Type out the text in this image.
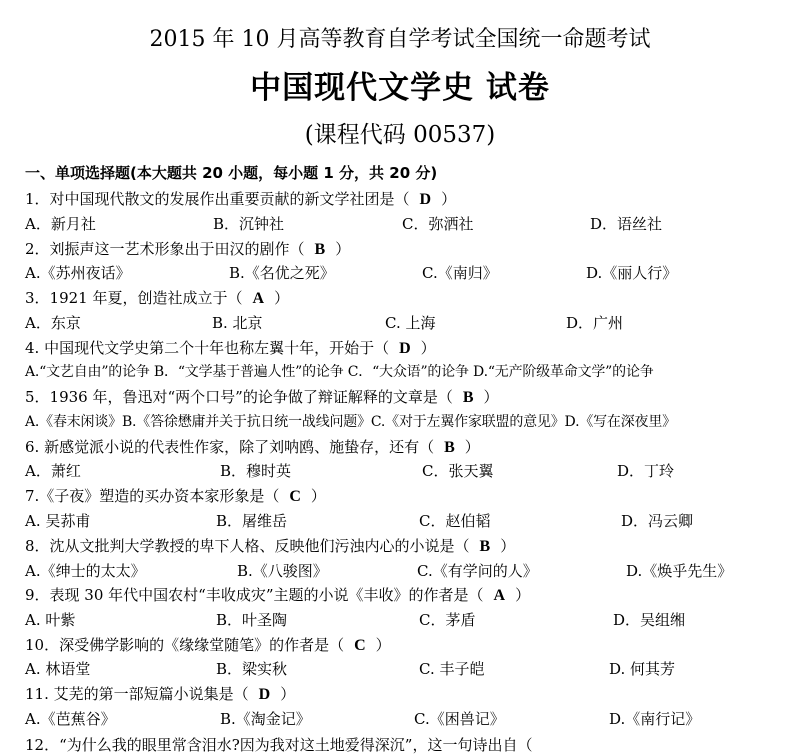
2015 年 10 月高等教育自学考试全国统一命题考试
中国现代文学史 试卷
(课程代码 00537)
一、单项选择题(本大题共 20 小题，每小题 1 分，共 20 分)
1．对中国现代散文的发展作出重要贡献的新文学社团是（ D ）
A．新月社	B．沉钟社	C．弥洒社	D．语丝社
2．刘振声这一艺术形象出于田汉的剧作（ B ）
A.《苏州夜话》	B.《名优之死》	C.《南归》	D.《丽人行》
3．1921 年夏，创造社成立于（ A ）
A．东京	B. 北京	C. 上海	D．广州
4. 中国现代文学史第二个十年也称左翼十年，开始于（ D ）
A.“文艺自由”的论争 B．“文学基于普遍人性”的论争 C．“大众语”的论争 D.“无产阶级革命文学”的论争
5．1936 年，鲁迅对“两个口号”的论争做了辩证解释的文章是（ B ）
A.《春末闲谈》B.《答徐懋庸并关于抗日统一战线问题》C.《对于左翼作家联盟的意见》D.《写在深夜里》
6. 新感觉派小说的代表性作家，除了刘呐鸥、施蛰存，还有（ B ）
A．萧红	B．穆时英	C．张天翼	D．丁玲
7.《子夜》塑造的买办资本家形象是（ C ）
A. 吴荪甫	B．屠维岳	C．赵伯韬	D．冯云卿
8．沈从文批判大学教授的卑下人格、反映他们污浊内心的小说是（ B ）
A.《绅士的太太》	B.《八骏图》	C.《有学问的人》	D.《焕乎先生》
9．表现 30 年代中国农村“丰收成灾”主题的小说《丰收》的作者是（ A ）
A. 叶紫	B．叶圣陶	C．茅盾	D．吴组缃
10．深受佛学影响的《缘缘堂随笔》的作者是（ C ）
A. 林语堂	B．梁实秋	C. 丰子皑	D. 何其芳
11. 艾芜的第一部短篇小说集是（ D ）
A.《芭蕉谷》	B.《淘金记》	C.《困兽记》	D.《南行记》
12．“为什么我的眼里常含泪水?因为我对这土地爱得深沉”，这一句诗出自（
